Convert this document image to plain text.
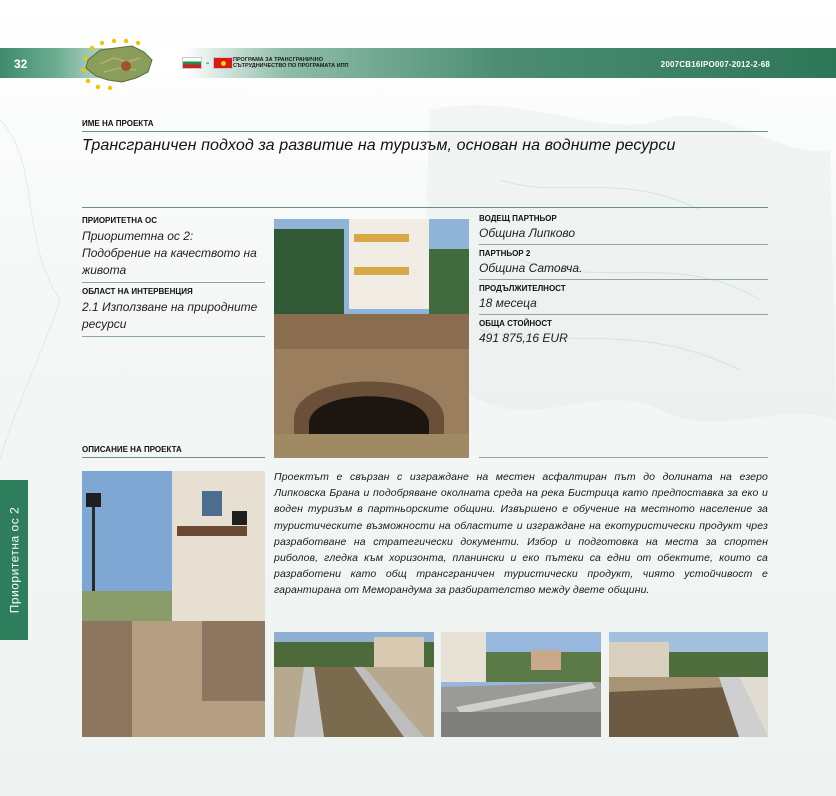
32	-	ПРОГРАМА ЗА ТРАНСГРАНИЧНО СЪТРУДНИЧЕСТВО ПО ПРОГРАМАТА ИПП	2007CB16IPO007-2012-2-68
ИМЕ НА ПРОЕКТА
Трансграничен подход за развитие на туризъм, основан на водните ресурси
ПРИОРИТЕТНА ОС
Приоритетна ос 2: Подобрение на качеството на живота
ОБЛАСТ НА ИНТЕРВЕНЦИЯ
2.1 Използване на природните ресурси
ВОДЕЩ ПАРТНЬОР
Община Липково
ПАРТНЬОР 2
Община Сатовча.
ПРОДЪЛЖИТЕЛНОСТ
18 месеца
ОБЩА СТОЙНОСТ
491 875,16 EUR
ОПИСАНИЕ НА ПРОЕКТА
Проектът е свързан с изграждане на местен асфалтиран път до долината на езеро Липковска Брана и подобряване околната среда на река Бистрица като предпоставка за еко и воден туризъм в партньорските общини. Извършено е обучение на местното население за туристическите възможности на областите и изграждане на екотуристически продукт чрез разработване на стратегически документи. Избор и подготовка на места за спортен риболов, гледка към хоризонта, планински и еко пътеки са едни от обектите, които са разработени като общ трансграничен туристически продукт, чиято устойчивост е гарантирана от Меморандума за разбирателство между двете общини.
Приоритетна ос 2
